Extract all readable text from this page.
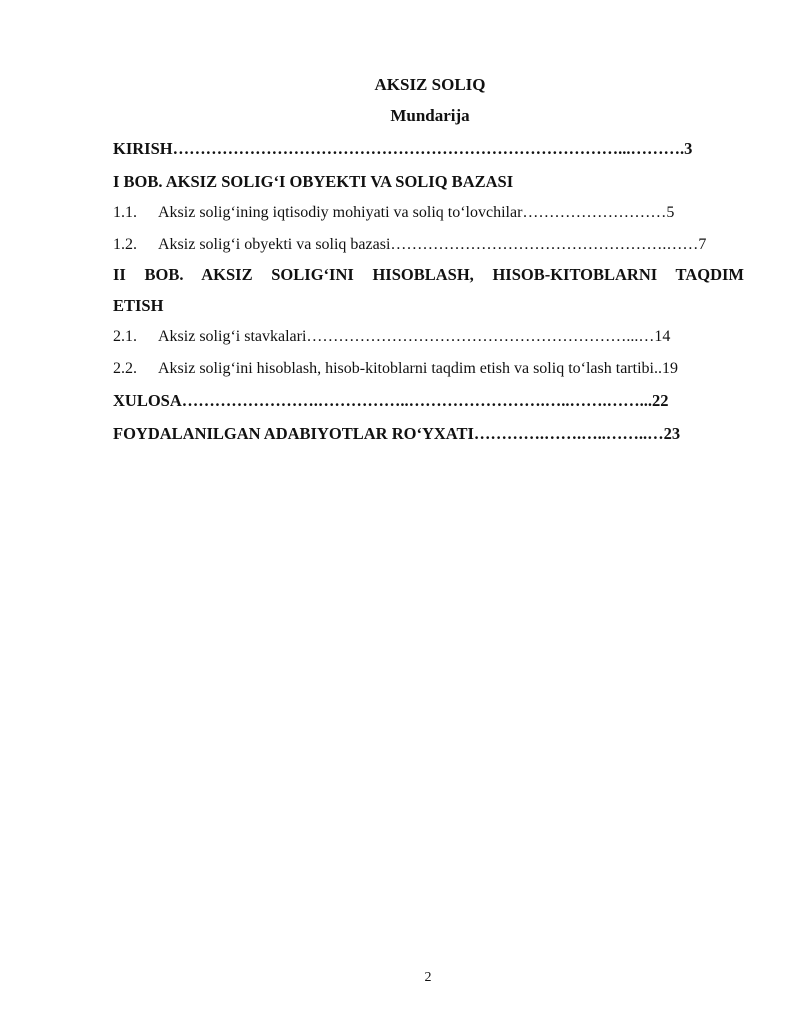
AKSIZ SOLIQ
Mundarija
KIRISH………………………………………………………………………...……….3
I BOB. AKSIZ SOLIG‘I OBYEKTI VA SOLIQ BAZASI
1.1. Aksiz solig‘ining iqtisodiy mohiyati va soliq to‘lovchilar………………………5
1.2. Aksiz solig‘i obyekti va soliq bazasi…………………………………………….……7
II BOB. AKSIZ SOLIG‘INI HISOBLASH, HISOB-KITOBLARNI TAQDIM
ETISH
2.1. Aksiz solig‘i stavkalari……………………………………………………...…14
2.2. Aksiz solig‘ini hisoblash, hisob-kitoblarni taqdim etish va soliq to‘lash tartibi..19
XULOSA…………………….……………..…………………….…..…….……...22
FOYDALANILGAN ADABIYOTLAR RO‘YXATI………….…….…..……..…23
2
